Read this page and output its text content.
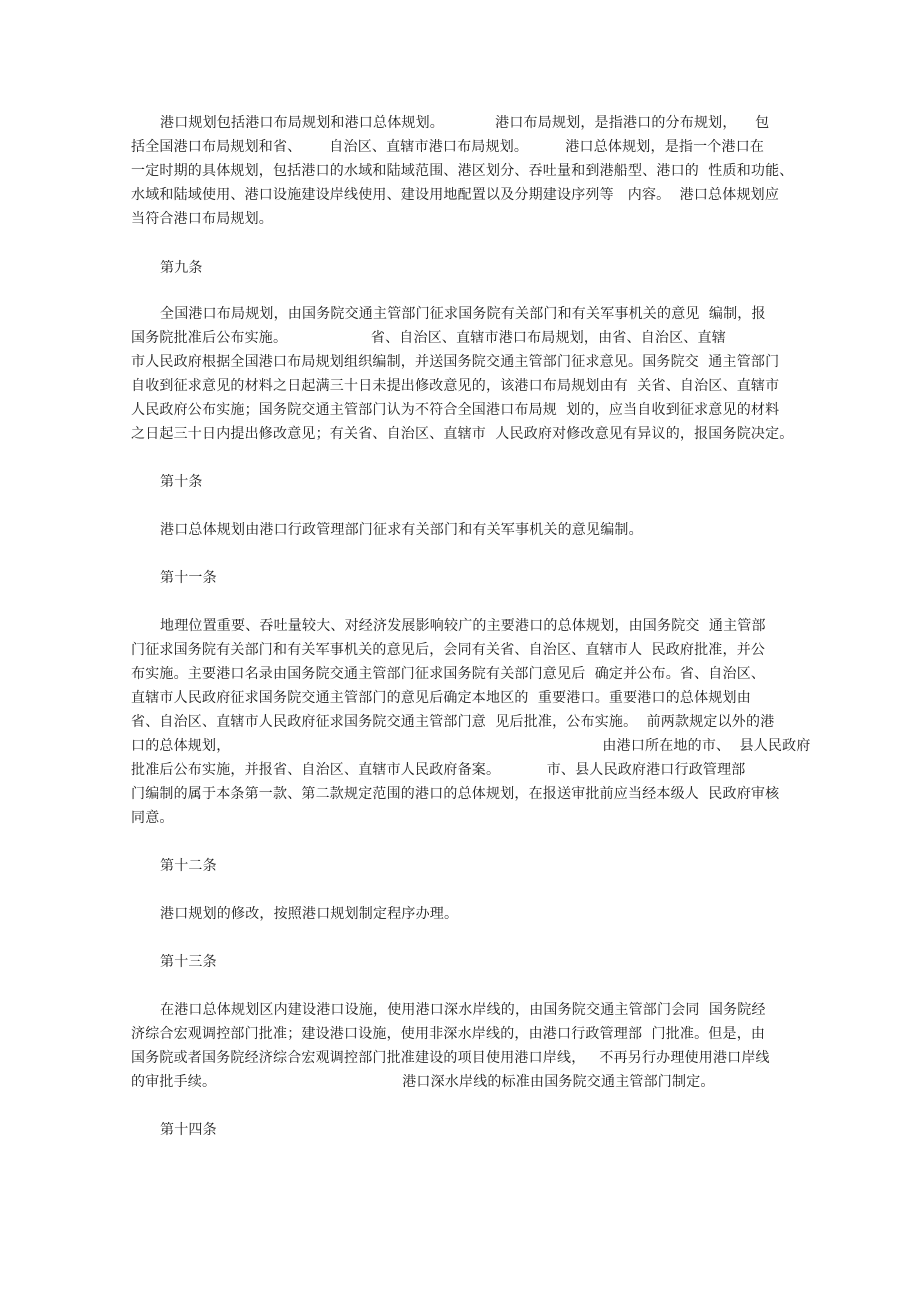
港口规划包括港口布局规划和港口总体规划。           港口布局规划，是指港口的分布规划，    包
括全国港口布局规划和省、      自治区、直辖市港口布局规划。        港口总体规划，是指一个港口在
一定时期的具体规划，包括港口的水域和陆域范围、港区划分、吞吐量和到港船型、港口的  性质和功能、
水域和陆域使用、港口设施建设岸线使用、建设用地配置以及分期建设序列等   内容。  港口总体规划应
当符合港口布局规划。
第九条
全国港口布局规划，由国务院交通主管部门征求国务院有关部门和有关军事机关的意见  编制，报
国务院批准后公布实施。                  省、自治区、直辖市港口布局规划，由省、自治区、直辖
市人民政府根据全国港口布局规划组织编制，并送国务院交通主管部门征求意见。国务院交  通主管部门
自收到征求意见的材料之日起满三十日未提出修改意见的，该港口布局规划由有  关省、自治区、直辖市
人民政府公布实施；国务院交通主管部门认为不符合全国港口布局规  划的，应当自收到征求意见的材料
之日起三十日内提出修改意见；有关省、自治区、直辖市  人民政府对修改意见有异议的，报国务院决定。
第十条
港口总体规划由港口行政管理部门征求有关部门和有关军事机关的意见编制。
第十一条
地理位置重要、吞吐量较大、对经济发展影响较广的主要港口的总体规划，由国务院交  通主管部
门征求国务院有关部门和有关军事机关的意见后，会同有关省、自治区、直辖市人  民政府批准，并公
布实施。主要港口名录由国务院交通主管部门征求国务院有关部门意见后  确定并公布。省、自治区、
直辖市人民政府征求国务院交通主管部门的意见后确定本地区的  重要港口。重要港口的总体规划由
省、自治区、直辖市人民政府征求国务院交通主管部门意  见后批准，公布实施。  前两款规定以外的港
口的总体规划，                                                                                由港口所在地的市、  县人民政府
批准后公布实施，并报省、自治区、直辖市人民政府备案。          市、县人民政府港口行政管理部
门编制的属于本条第一款、第二款规定范围的港口的总体规划，在报送审批前应当经本级人  民政府审核
同意。
第十二条
港口规划的修改，按照港口规划制定程序办理。
第十三条
在港口总体规划区内建设港口设施，使用港口深水岸线的，由国务院交通主管部门会同  国务院经
济综合宏观调控部门批准；建设港口设施，使用非深水岸线的，由港口行政管理部  门批准。但是，由
国务院或者国务院经济综合宏观调控部门批准建设的项目使用港口岸线，   不再另行办理使用港口岸线
的审批手续。                                        港口深水岸线的标准由国务院交通主管部门制定。
第十四条
